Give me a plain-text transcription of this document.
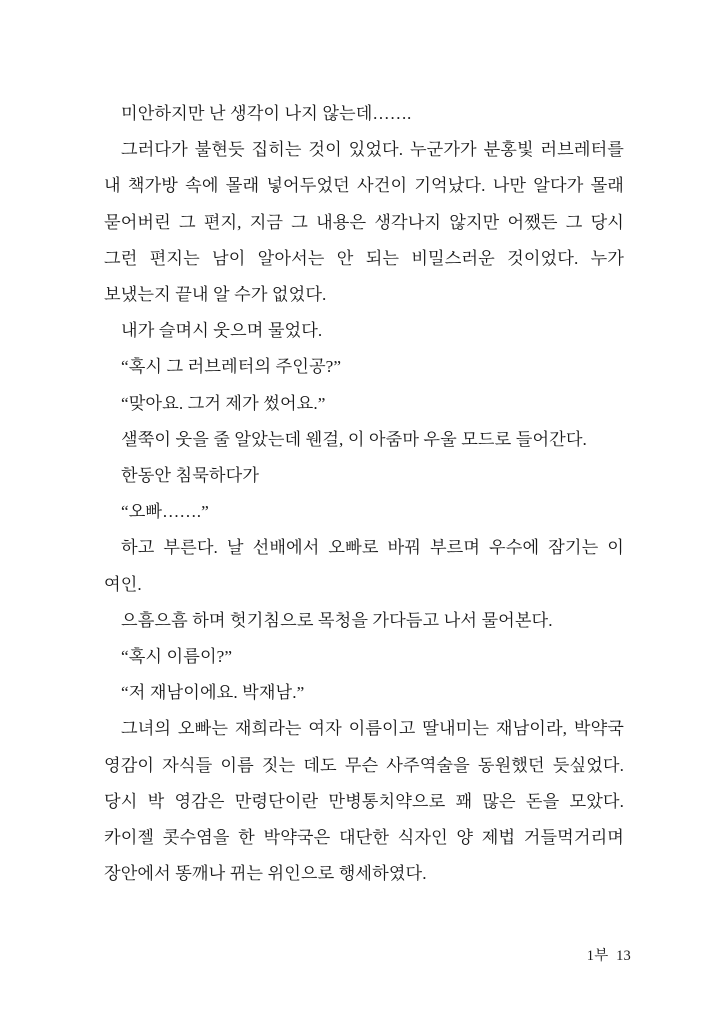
미안하지만 난 생각이 나지 않는데…….

그러다가 불현듯 집히는 것이 있었다. 누군가가 분홍빛 러브레터를 내 책가방 속에 몰래 넣어두었던 사건이 기억났다. 나만 알다가 몰래 묻어버린 그 편지, 지금 그 내용은 생각나지 않지만 어쨌든 그 당시 그런 편지는 남이 알아서는 안 되는 비밀스러운 것이었다. 누가 보냈는지 끝내 알 수가 없었다.

내가 슬며시 웃으며 물었다.

“혹시 그 러브레터의 주인공?”

“맞아요. 그거 제가 썼어요.”

샐쭉이 웃을 줄 알았는데 웬걸, 이 아줌마 우울 모드로 들어간다.

한동안 침묵하다가

“오빠…….”

하고 부른다. 날 선배에서 오빠로 바꿔 부르며 우수에 잠기는 이 여인.

으흠으흠 하며 헛기침으로 목청을 가다듬고 나서 물어본다.

“혹시 이름이?”

“저 재남이에요. 박재남.”

그녀의 오빠는 재희라는 여자 이름이고 딸내미는 재남이라, 박약국 영감이 자식들 이름 짓는 데도 무슨 사주역술을 동원했던 듯싶었다. 당시 박 영감은 만령단이란 만병통치약으로 꽤 많은 돈을 모았다. 카이젤 콧수염을 한 박약국은 대단한 식자인 양 제법 거들먹거리며 장안에서 똥깨나 뀌는 위인으로 행세하였다.

1부  13
